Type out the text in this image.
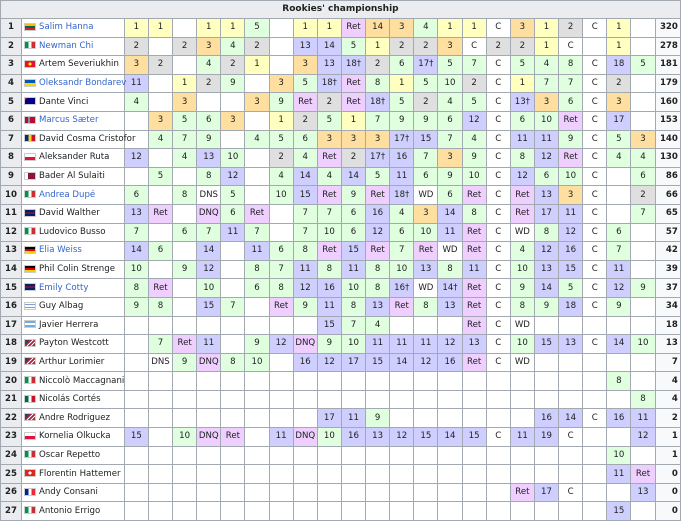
Rookies' championship																								
1	Salim Hanna	1	1		1	1	5		1	1	Ret	14	3	4	1	1	C	3	1	2	C	1		320
2	Newman Chi	2		2	3	4	2		13	14	5	1	2	2	3	C	2	2	1	C		1		278
3	Artem Severiukhin	3	2		4	2	1		3	13	18†	2	6	17†	5	7	C	5	4	8	C	18	5	181
4	Oleksandr Bondarev	11		1	2	9		3	5	18†	Ret	8	1	5	10	2	C	1	7	7	C	2		179
5	Dante Vinci	4		3			3	9	Ret	2	Ret	18†	5	2	4	5	C	13†	3	6	C	3		160
6	Marcus Sæter		3	5	6	3		1	2	5	1	7	9	9	6	12	C	6	10	Ret	C	17		153
7	David Cosma Cristofor		4	7	9		4	5	6	3	3	3	17†	15	7	4	C	11	11	9	C	5	3	140
8	Aleksander Ruta	12		4	13	10		2	4	Ret	2	17†	16	7	3	9	C	8	12	Ret	C	4	4	130
9	Bader Al Sulaiti		5		8	12		4	14	4	14	5	11	6	9	10	C	12	6	10	C		6	86
10	Andrea Dupé	6		8	DNS	5		10	15	Ret	9	Ret	18†	WD	6	Ret	C	Ret	13	3	C		2	66
11	David Walther	13	Ret		DNQ	6	Ret		7	7	6	16	4	3	14	8	C	Ret	17	11	C		7	65
12	Ludovico Busso	7		6	7	11	7		7	10	6	12	6	10	11	Ret	C	WD	8	12	C	6		57
13	Elia Weiss	14	6		14		11	6	8	Ret	15	Ret	7	Ret	WD	Ret	C	4	12	16	C	7		42
14	Phil Colin Strenge	10		9	12		8	7	11	8	11	8	10	13	8	11	C	10	13	15	C	11		39
15	Emily Cotty	8	Ret		10		6	8	12	16	10	8	16†	WD	14†	Ret	C	9	14	5	C	12	9	37
16	Guy Albag	9	8		15	7		Ret	9	11	8	13	Ret	8	13	Ret	C	8	9	18	C	9		34
17	Javier Herrera									15	7	4				Ret	C	WD						18
18	Payton Westcott		7	Ret	11		9	12	DNQ	9	10	11	11	11	12	13	C	10	15	13	C	14	10	13
19	Arthur Lorimier		DNS	9	DNQ	8	10		16	12	17	15	14	12	16	Ret	C	WD						7
20	Niccolò Maccagnani																					8		4
21	Nicolás Cortés																						8	4
22	Andre Rodriguez									17	11	9							16	14	C	16	11	2
23	Kornelia Olkucka	15		10	DNQ	Ret		11	DNQ	10	16	13	12	15	14	15	C	11	19	C			12	1
24	Oscar Repetto																					10		1
25	Florentin Hattemer																					11	Ret	0
26	Andy Consani																	Ret	17	C			13	0
27	Antonio Errigo																					15		0
